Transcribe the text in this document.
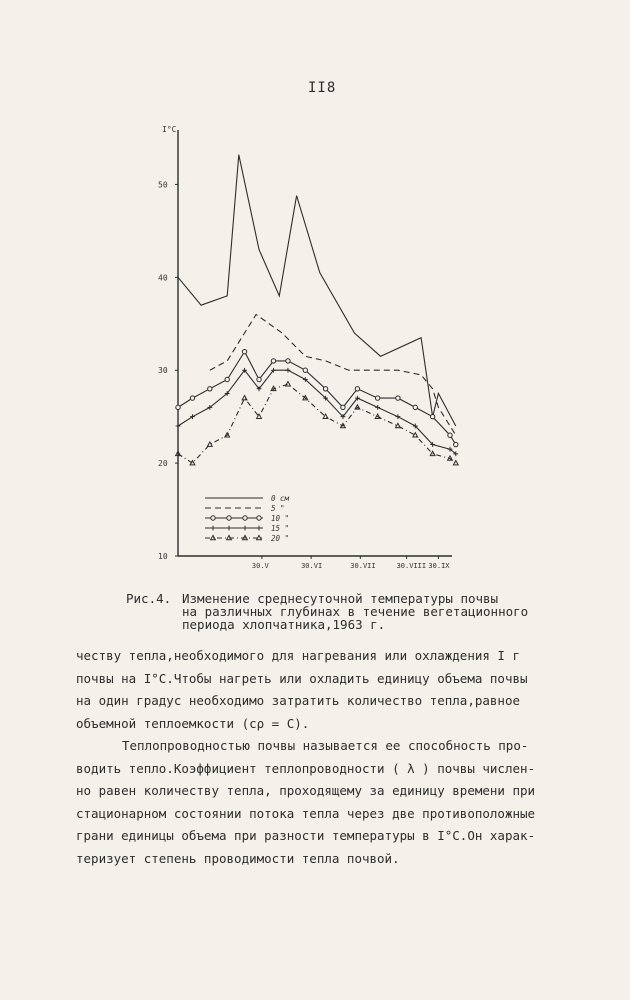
II8
I°C
10
20
30
40
50
30.V	30.VI	30.VII	30.VIII 30.IX
0 см
5 "
10 "
15 "
20 "
Рис.4. Изменение среднесуточной температуры почвы
на различных глубинах в течение вегетационного
периода хлопчатника,1963 г.
честву тепла,необходимого для нагревания или охлаждения I г
почвы на I°C.Чтобы нагреть или охладить единицу объема почвы
на один градус необходимо затратить количество тепла,равное
объемной теплоемкости (cρ = C).
Теплопроводностью почвы называется ее способность про-
водить тепло.Коэффициент теплопроводности ( λ ) почвы числен-
но равен количеству тепла, проходящему за единицу времени при
стационарном состоянии потока тепла через две противоположные
грани единицы объема при разности температуры в I°C.Он харак-
теризует степень проводимости тепла почвой.
